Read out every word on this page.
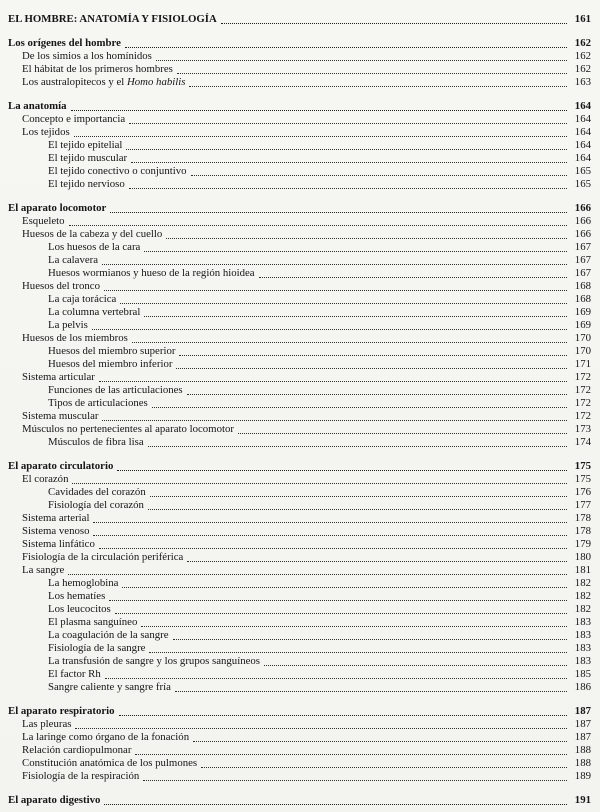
EL HOMBRE: ANATOMÍA Y FISIOLOGÍA	161
Los orígenes del hombre	162
De los simios a los homínidos	162
El hábitat de los primeros hombres	162
Los australopitecos y el Homo habilis	163
La anatomía	164
Concepto e importancia	164
Los tejidos	164
El tejido epitelial	164
El tejido muscular	164
El tejido conectivo o conjuntivo	165
El tejido nervioso	165
El aparato locomotor	166
Esqueleto	166
Huesos de la cabeza y del cuello	166
Los huesos de la cara	167
La calavera	167
Huesos wormianos y hueso de la región hioidea	167
Huesos del tronco	168
La caja torácica	168
La columna vertebral	169
La pelvis	169
Huesos de los miembros	170
Huesos del miembro superior	170
Huesos del miembro inferior	171
Sistema articular	172
Funciones de las articulaciones	172
Tipos de articulaciones	172
Sistema muscular	172
Músculos no pertenecientes al aparato locomotor	173
Músculos de fibra lisa	174
El aparato circulatorio	175
El corazón	175
Cavidades del corazón	176
Fisiología del corazón	177
Sistema arterial	178
Sistema venoso	178
Sistema linfático	179
Fisiología de la circulación periférica	180
La sangre	181
La hemoglobina	182
Los hematíes	182
Los leucocitos	182
El plasma sanguíneo	183
La coagulación de la sangre	183
Fisiología de la sangre	183
La transfusión de sangre y los grupos sanguíneos	183
El factor Rh	185
Sangre caliente y sangre fría	186
El aparato respiratorio	187
Las pleuras	187
La laringe como órgano de la fonación	187
Relación cardiopulmonar	188
Constitución anatómica de los pulmones	188
Fisiología de la respiración	189
El aparato digestivo	191
